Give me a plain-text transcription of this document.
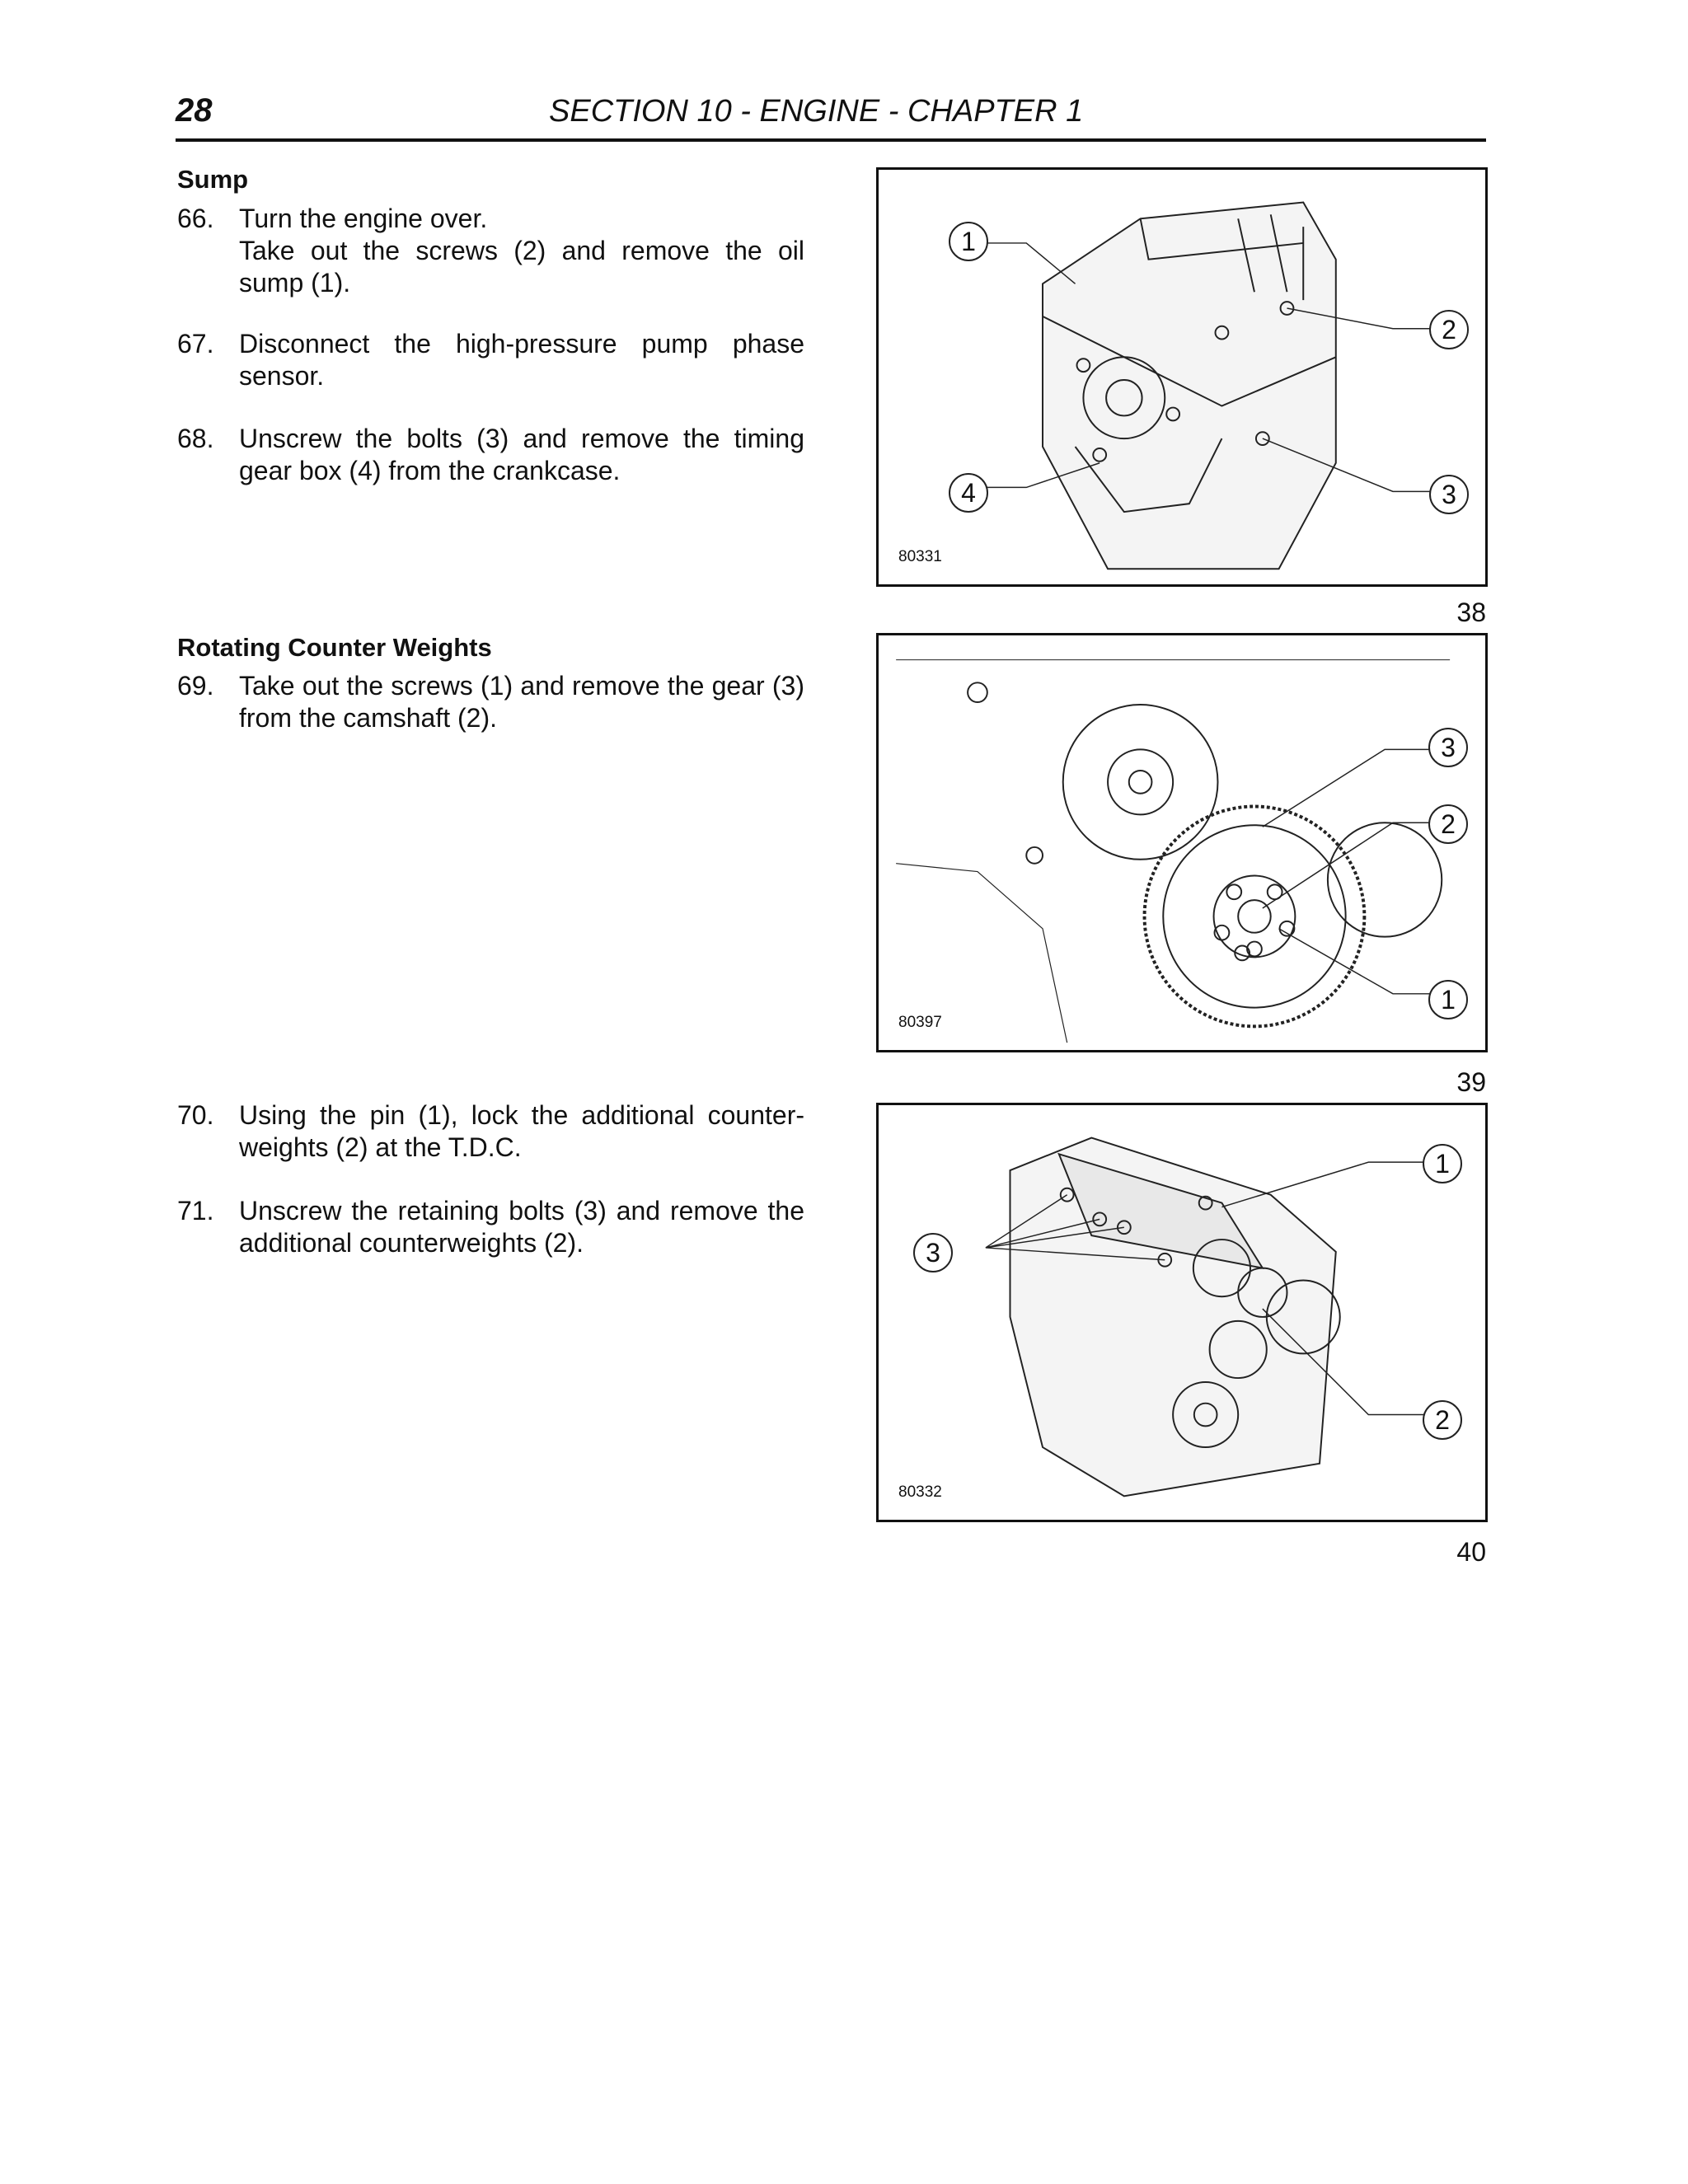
28	SECTION 10 - ENGINE - CHAPTER 1
Sump
66. Turn the engine over.
Take out the screws (2) and remove the oil sump (1).
67. Disconnect the high-pressure pump phase sensor.
68. Unscrew the bolts (3) and remove the timing gear box (4) from the crankcase.
Rotating Counter Weights
69. Take out the screws (1) and remove the gear (3) from the camshaft (2).
70. Using the pin (1), lock the additional counter-weights (2) at the T.D.C.
71. Unscrew the retaining bolts (3) and remove the additional counterweights (2).
1
2
3
4
80331
38
3
2
1
80397
39
1
3
2
80332
40
